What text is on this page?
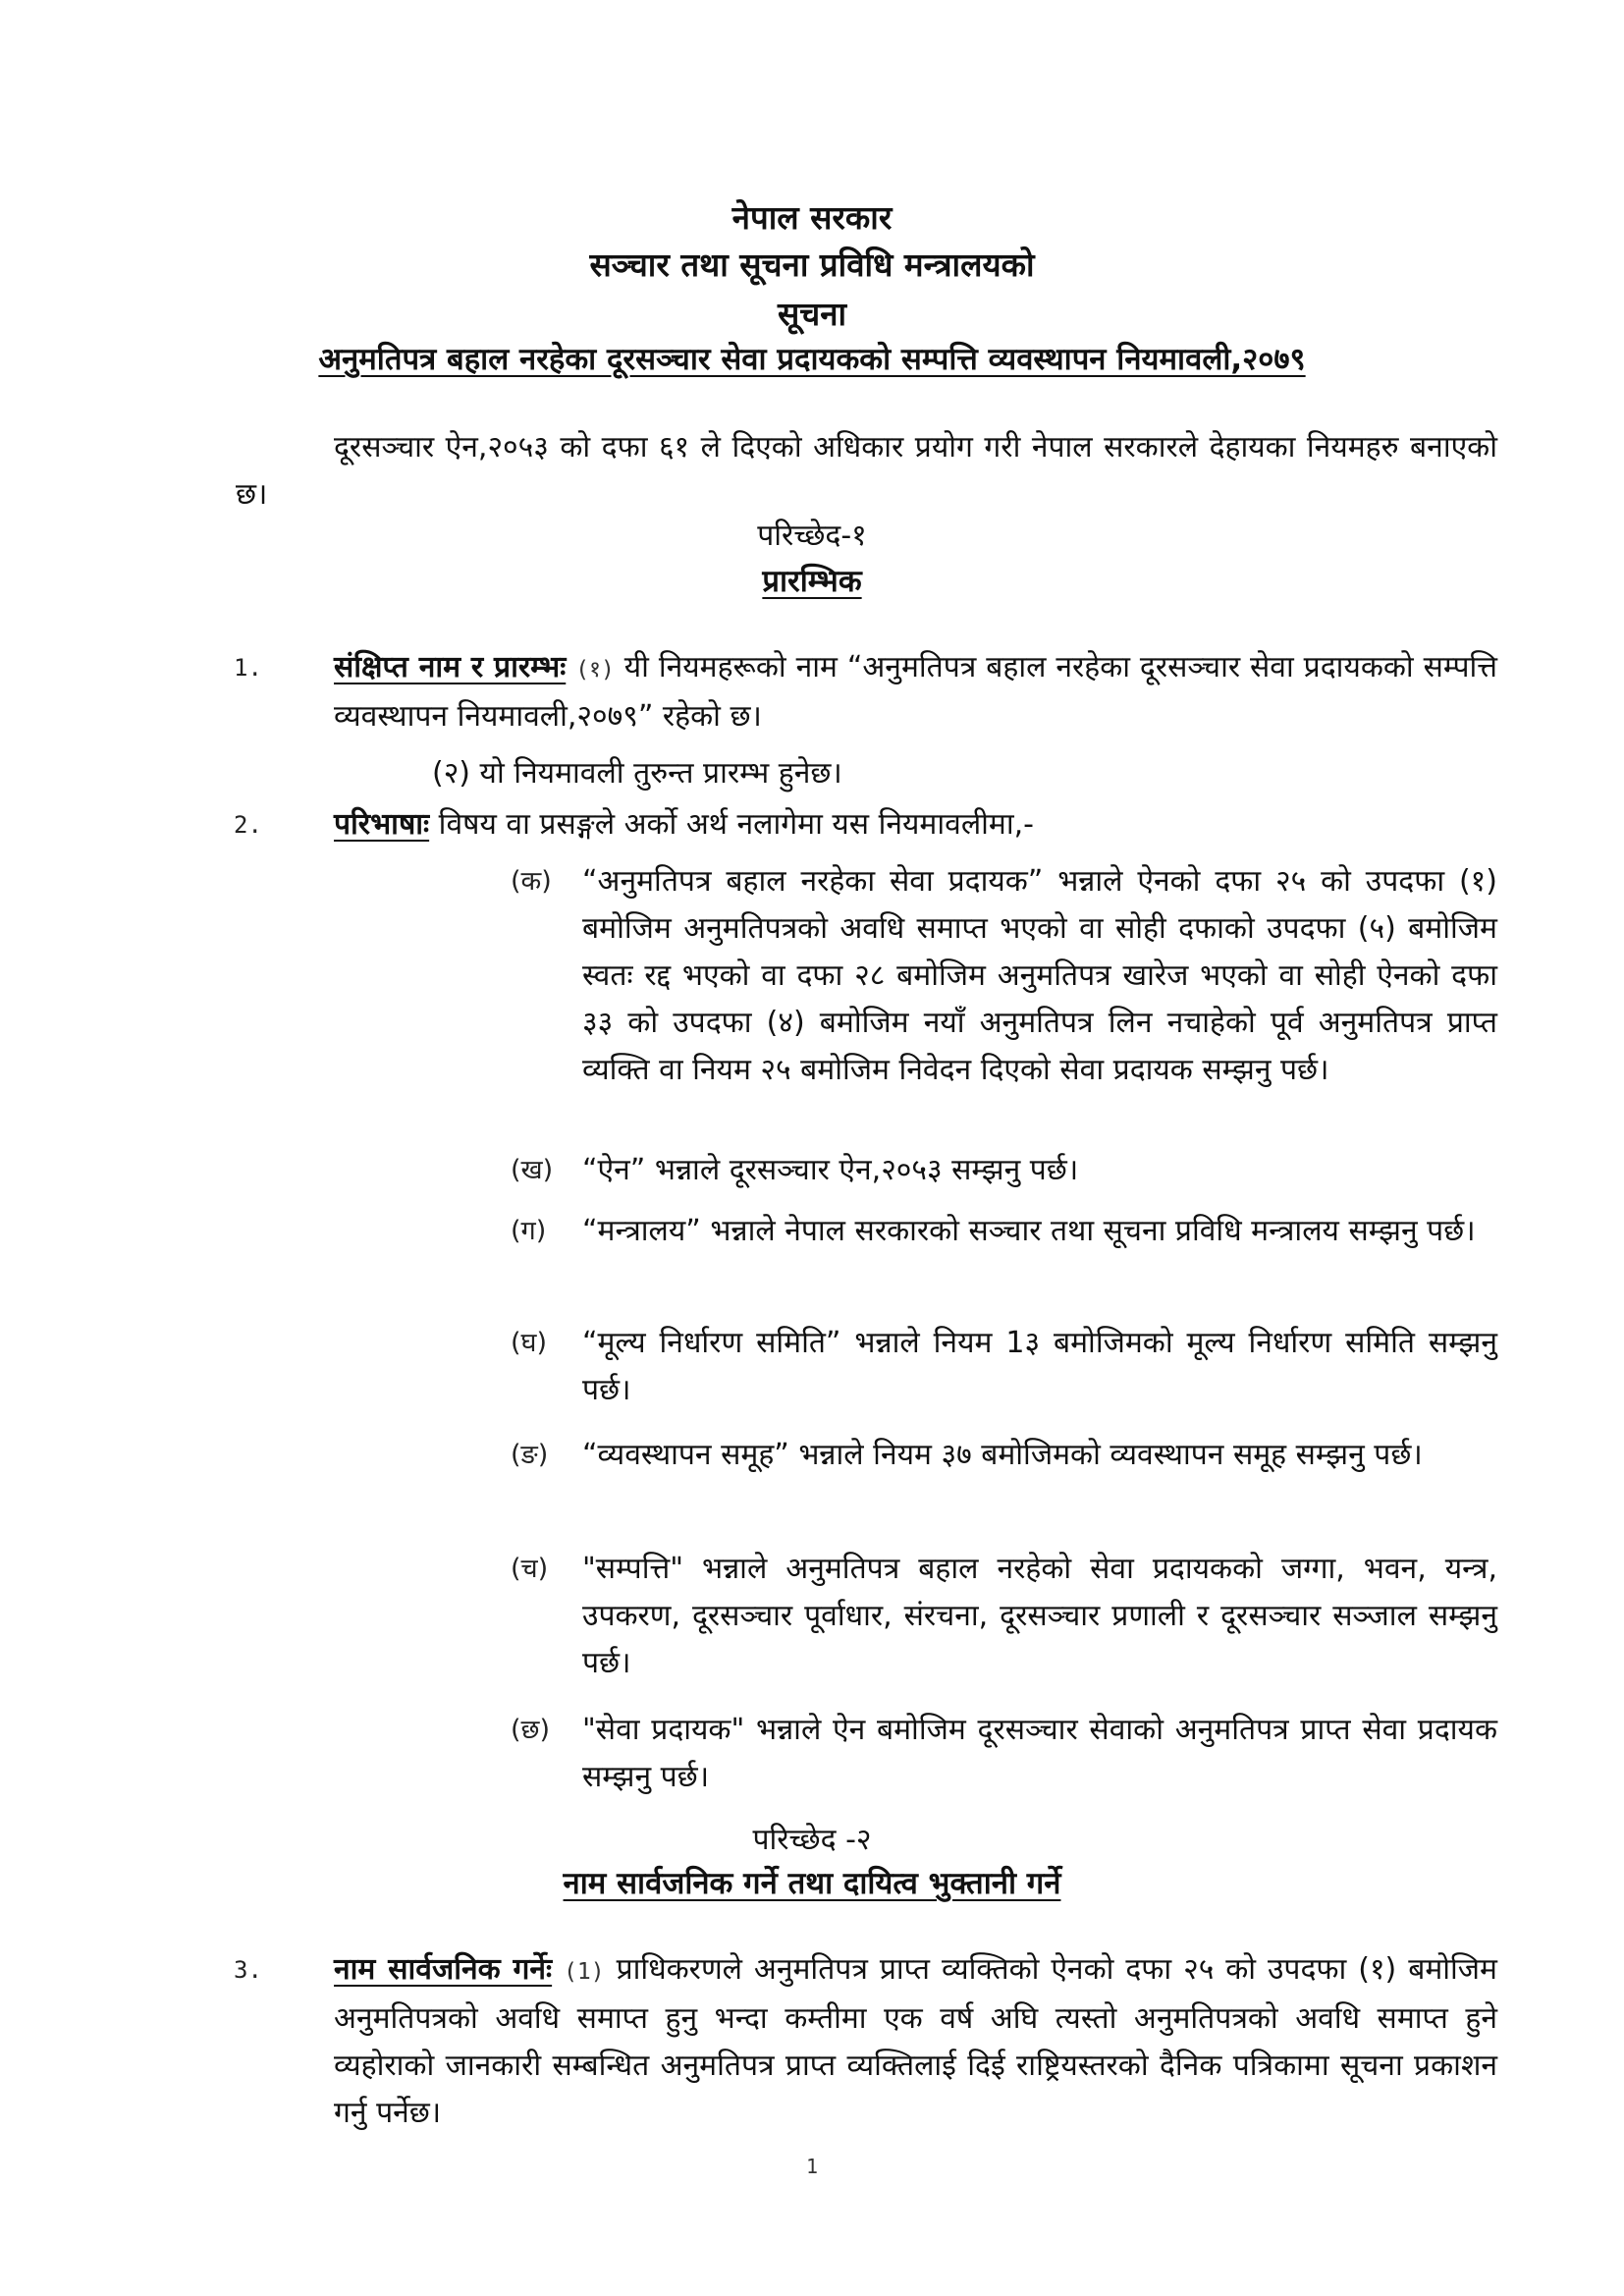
नेपाल सरकार
सञ्चार तथा सूचना प्रविधि मन्त्रालयको
सूचना
अनुमतिपत्र बहाल नरहेका दूरसञ्चार सेवा प्रदायकको सम्पत्ति व्यवस्थापन नियमावली,२०७९
दूरसञ्चार ऐन,२०५३ को दफा ६१ ले दिएको अधिकार प्रयोग गरी नेपाल सरकारले देहायका नियमहरु बनाएको छ।
परिच्छेद-१
प्रारम्भिक
1. संक्षिप्त नाम र प्रारम्भः (१) यी नियमहरूको नाम “अनुमतिपत्र बहाल नरहेका दूरसञ्चार सेवा प्रदायकको सम्पत्ति व्यवस्थापन नियमावली,२०७९” रहेको छ।
(२) यो नियमावली तुरुन्त प्रारम्भ हुनेछ।
2. परिभाषाः विषय वा प्रसङ्गले अर्को अर्थ नलागेमा यस नियमावलीमा,-
(क)	“अनुमतिपत्र बहाल नरहेका सेवा प्रदायक” भन्नाले ऐनको दफा २५ को उपदफा (१) बमोजिम अनुमतिपत्रको अवधि समाप्त भएको वा सोही दफाको उपदफा (५) बमोजिम स्वतः रद्द भएको वा दफा २८ बमोजिम अनुमतिपत्र खारेज भएको वा सोही ऐनको दफा ३३ को उपदफा (४) बमोजिम नयाँ अनुमतिपत्र लिन नचाहेको पूर्व अनुमतिपत्र प्राप्त व्यक्ति वा नियम २५ बमोजिम निवेदन दिएको सेवा प्रदायक सम्झनु पर्छ।
(ख) “ऐन” भन्नाले दूरसञ्चार ऐन,२०५३ सम्झनु पर्छ।
(ग)	“मन्त्रालय” भन्नाले नेपाल सरकारको सञ्चार तथा सूचना प्रविधि मन्त्रालय सम्झनु पर्छ।
(घ)	“मूल्य निर्धारण समिति” भन्नाले नियम 1३ बमोजिमको मूल्य निर्धारण समिति सम्झनु पर्छ।
(ङ)	“व्यवस्थापन समूह” भन्नाले नियम ३७ बमोजिमको व्यवस्थापन समूह सम्झनु पर्छ।
(च)	"सम्पत्ति" भन्नाले अनुमतिपत्र बहाल नरहेको सेवा प्रदायकको जग्गा, भवन, यन्त्र, उपकरण, दूरसञ्चार पूर्वाधार, संरचना, दूरसञ्चार प्रणाली र दूरसञ्चार सञ्जाल सम्झनु पर्छ।
(छ)	"सेवा प्रदायक" भन्नाले ऐन बमोजिम दूरसञ्चार सेवाको अनुमतिपत्र प्राप्त सेवा प्रदायक सम्झनु पर्छ।
परिच्छेद -२
नाम सार्वजनिक गर्ने तथा दायित्व भुक्तानी गर्ने
3. नाम सार्वजनिक गर्नेः (1) प्राधिकरणले अनुमतिपत्र प्राप्त व्यक्तिको ऐनको दफा २५ को उपदफा (१) बमोजिम अनुमतिपत्रको अवधि समाप्त हुनु भन्दा कम्तीमा एक वर्ष अघि त्यस्तो अनुमतिपत्रको अवधि समाप्त हुने व्यहोराको जानकारी सम्बन्धित अनुमतिपत्र प्राप्त व्यक्तिलाई दिई राष्ट्रियस्तरको दैनिक पत्रिकामा सूचना प्रकाशन गर्नु पर्नेछ।
1
